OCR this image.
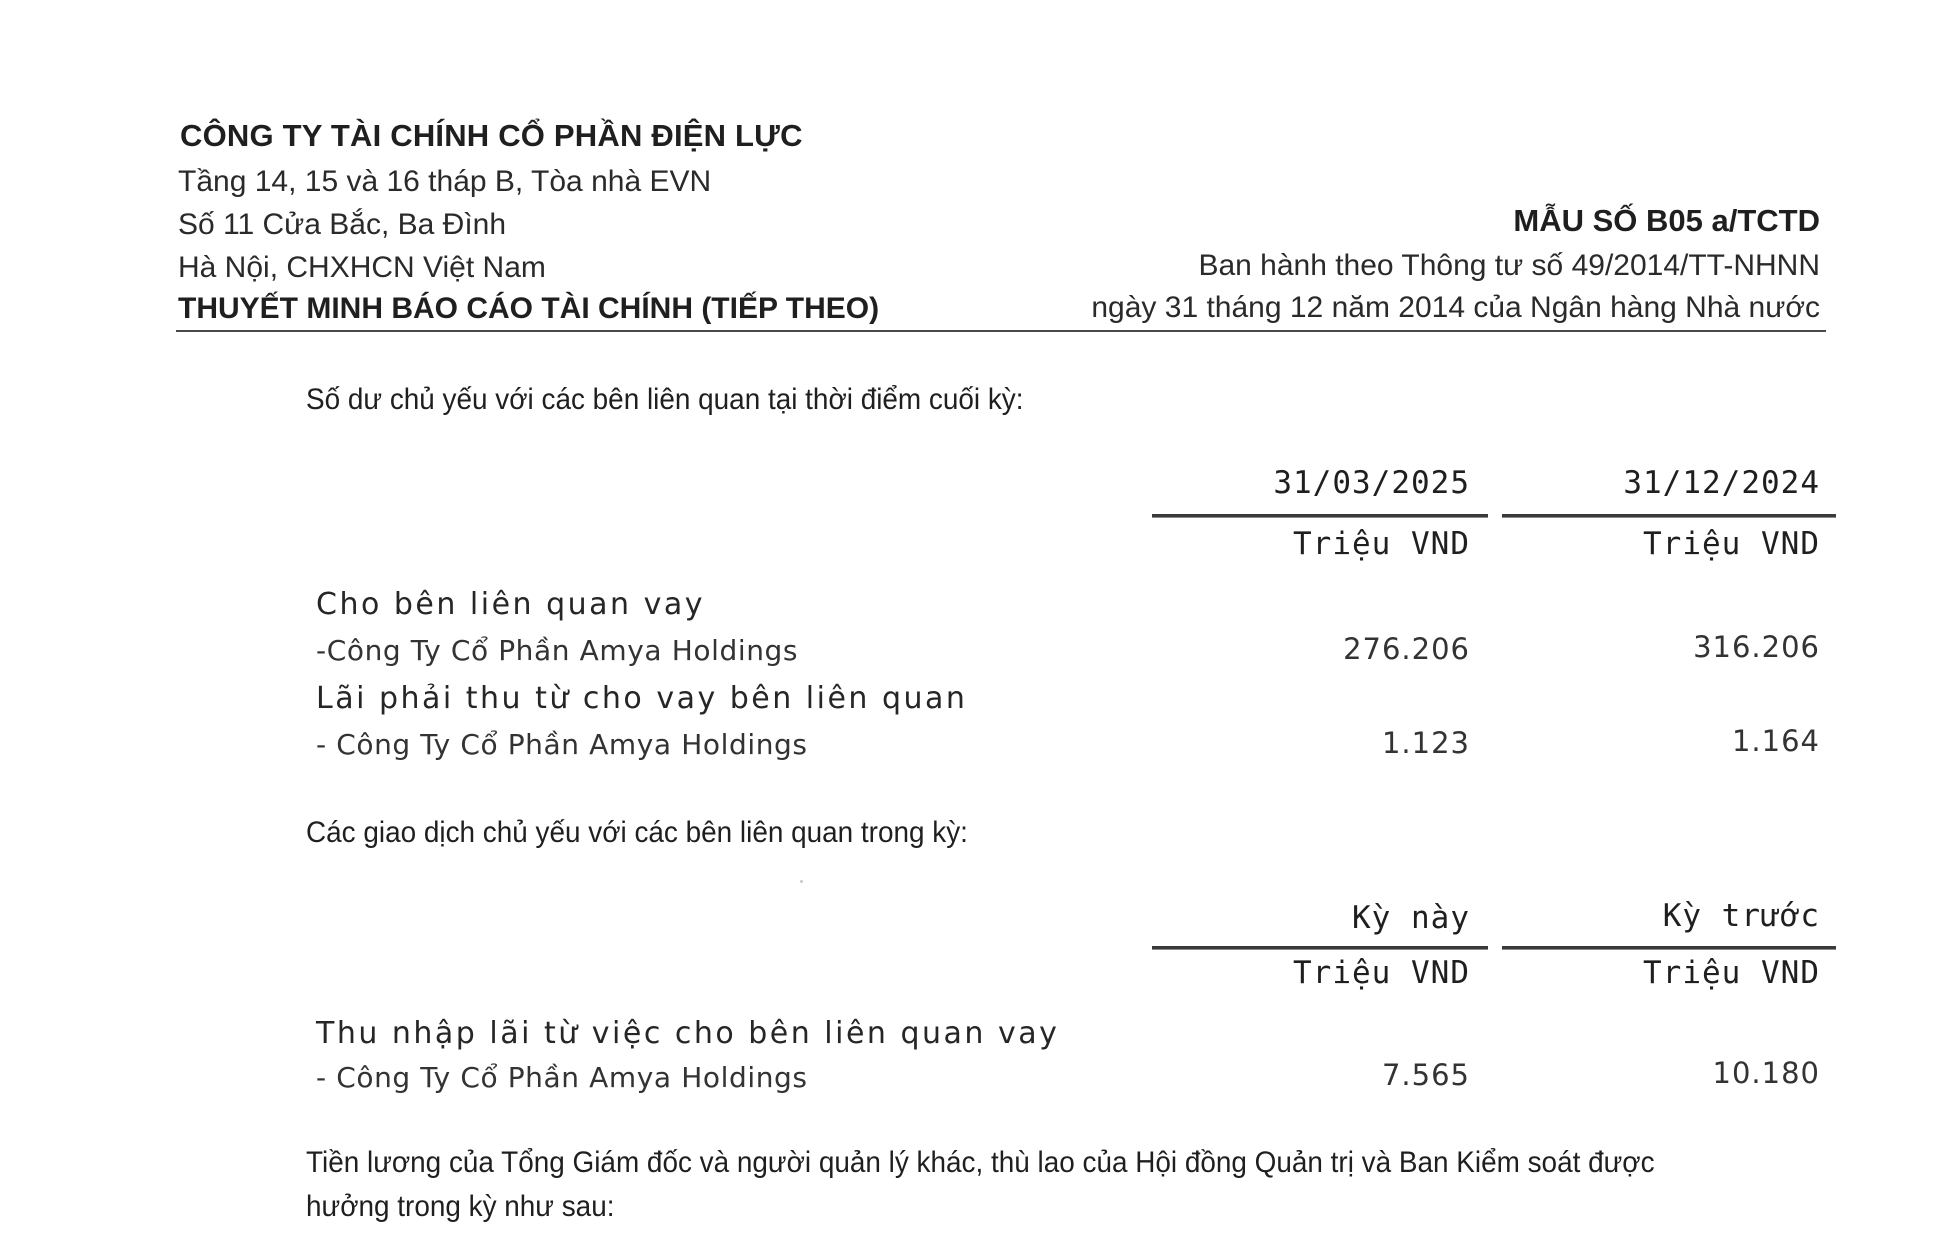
CÔNG TY TÀI CHÍNH CỔ PHẦN ĐIỆN LỰC
Tầng 14, 15 và 16 tháp B, Tòa nhà EVN
Số 11 Cửa Bắc, Ba Đình
Hà Nội, CHXHCN Việt Nam
THUYẾT MINH BÁO CÁO TÀI CHÍNH (TIẾP THEO)
MẪU SỐ B05 a/TCTD
Ban hành theo Thông tư số 49/2014/TT-NHNN
ngày 31 tháng 12 năm 2014 của Ngân hàng Nhà nước
Số dư chủ yếu với các bên liên quan tại thời điểm cuối kỳ:
31/03/2025	31/12/2024
Triệu VND	Triệu VND
Cho bên liên quan vay
-Công Ty Cổ Phần Amya Holdings	276.206	316.206
Lãi phải thu từ cho vay bên liên quan
- Công Ty Cổ Phần Amya Holdings	1.123	1.164
Các giao dịch chủ yếu với các bên liên quan trong kỳ:
Kỳ này	Kỳ trước
Triệu VND	Triệu VND
Thu nhập lãi từ việc cho bên liên quan vay
- Công Ty Cổ Phần Amya Holdings	7.565	10.180
Tiền lương của Tổng Giám đốc và người quản lý khác, thù lao của Hội đồng Quản trị và Ban Kiểm soát được
hưởng trong kỳ như sau:
